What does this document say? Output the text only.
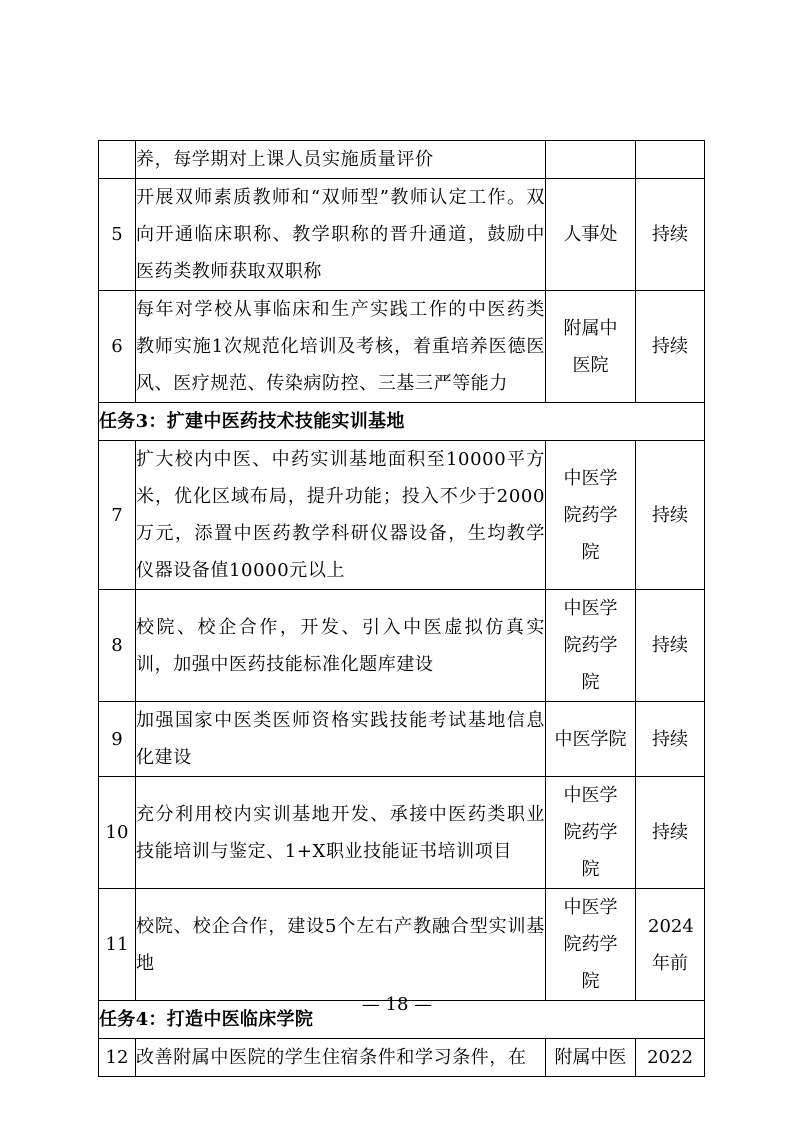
	养，每学期对上课人员实施质量评价		
5	开展双师素质教师和“双师型”教师认定工作。双向开通临床职称、教学职称的晋升通道，鼓励中医药类教师获取双职称	人事处	持续
6	每年对学校从事临床和生产实践工作的中医药类教师实施1次规范化培训及考核，着重培养医德医风、医疗规范、传染病防控、三基三严等能力	附属中医院	持续
任务3：扩建中医药技术技能实训基地			
7	扩大校内中医、中药实训基地面积至10000平方米，优化区域布局，提升功能；投入不少于2000万元，添置中医药教学科研仪器设备，生均教学仪器设备值10000元以上	中医学院药学院	持续
8	校院、校企合作，开发、引入中医虚拟仿真实训，加强中医药技能标准化题库建设	中医学院药学院	持续
9	加强国家中医类医师资格实践技能考试基地信息化建设	中医学院	持续
10	充分利用校内实训基地开发、承接中医药类职业技能培训与鉴定、1+X职业技能证书培训项目	中医学院药学院	持续
11	校院、校企合作，建设5个左右产教融合型实训基地	中医学院药学院	2024年前
任务4：打造中医临床学院			
12	改善附属中医院的学生住宿条件和学习条件，在	附属中医	2022
— 18 —
